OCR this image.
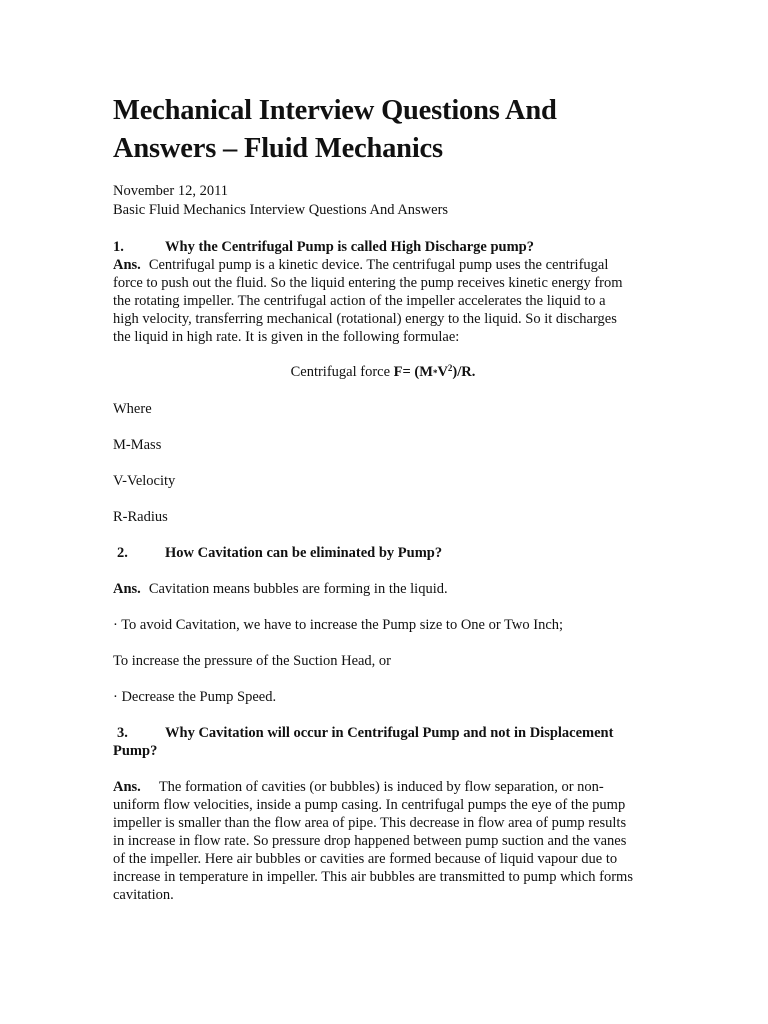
Mechanical Interview Questions And
Answers – Fluid Mechanics
November 12, 2011
Basic Fluid Mechanics Interview Questions And Answers
1.	Why the Centrifugal Pump is called High Discharge pump?
Ans. Centrifugal pump is a kinetic device. The centrifugal pump uses the centrifugal
force to push out the fluid. So the liquid entering the pump receives kinetic energy from
the rotating impeller. The centrifugal action of the impeller accelerates the liquid to a
high velocity, transferring mechanical (rotational) energy to the liquid. So it discharges
the liquid in high rate. It is given in the following formulae:
Centrifugal force $F= (M*V^2)/R$.
Where
M-Mass
V-Velocity
R-Radius
2.	How Cavitation can be eliminated by Pump?
Ans. Cavitation means bubbles are forming in the liquid.
· To avoid Cavitation, we have to increase the Pump size to One or Two Inch;
To increase the pressure of the Suction Head, or
· Decrease the Pump Speed.
3.	Why Cavitation will occur in Centrifugal Pump and not in Displacement
Pump?
Ans. The formation of cavities (or bubbles) is induced by flow separation, or non-
uniform flow velocities, inside a pump casing. In centrifugal pumps the eye of the pump
impeller is smaller than the flow area of pipe. This decrease in flow area of pump results
in increase in flow rate. So pressure drop happened between pump suction and the vanes
of the impeller. Here air bubbles or cavities are formed because of liquid vapour due to
increase in temperature in impeller. This air bubbles are transmitted to pump which forms
cavitation.
